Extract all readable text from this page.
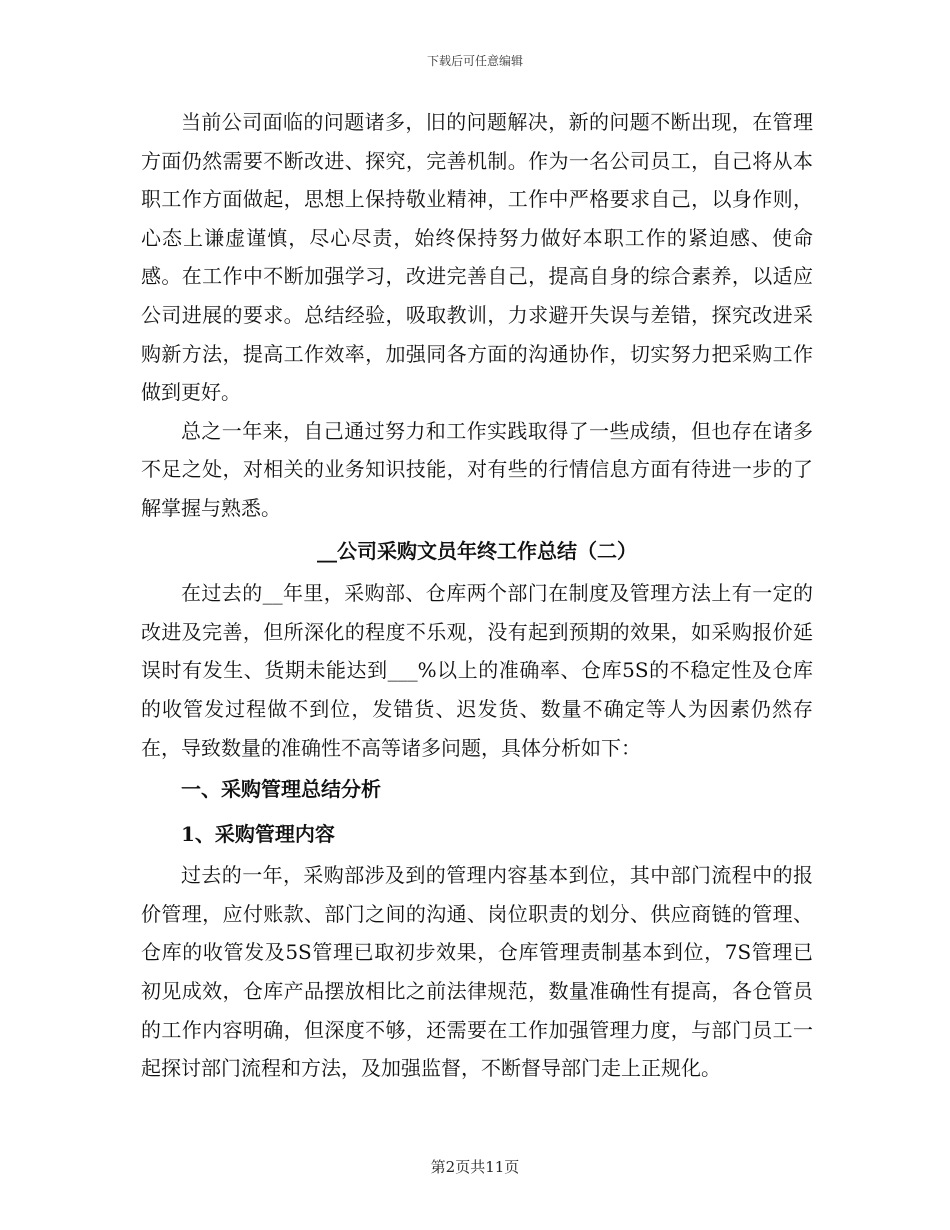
下载后可任意编辑

当前公司面临的问题诸多，旧的问题解决，新的问题不断出现，在管理方面仍然需要不断改进、探究，完善机制。作为一名公司员工，自己将从本职工作方面做起，思想上保持敬业精神，工作中严格要求自己，以身作则，心态上谦虚谨慎，尽心尽责，始终保持努力做好本职工作的紧迫感、使命感。在工作中不断加强学习，改进完善自己，提高自身的综合素养，以适应公司进展的要求。总结经验，吸取教训，力求避开失误与差错，探究改进采购新方法，提高工作效率，加强同各方面的沟通协作，切实努力把采购工作做到更好。

总之一年来，自己通过努力和工作实践取得了一些成绩，但也存在诸多不足之处，对相关的业务知识技能，对有些的行情信息方面有待进一步的了解掌握与熟悉。

__公司采购文员年终工作总结（二）

在过去的__年里，采购部、仓库两个部门在制度及管理方法上有一定的改进及完善，但所深化的程度不乐观，没有起到预期的效果，如采购报价延误时有发生、货期未能达到___%以上的准确率、仓库5S的不稳定性及仓库的收管发过程做不到位，发错货、迟发货、数量不确定等人为因素仍然存在，导致数量的准确性不高等诸多问题，具体分析如下：

一、采购管理总结分析
1、采购管理内容

过去的一年，采购部涉及到的管理内容基本到位，其中部门流程中的报价管理，应付账款、部门之间的沟通、岗位职责的划分、供应商链的管理、仓库的收管发及5S管理已取初步效果，仓库管理责制基本到位，7S管理已初见成效，仓库产品摆放相比之前法律规范，数量准确性有提高，各仓管员的工作内容明确，但深度不够，还需要在工作加强管理力度，与部门员工一起探讨部门流程和方法，及加强监督，不断督导部门走上正规化。

第2页共11页
